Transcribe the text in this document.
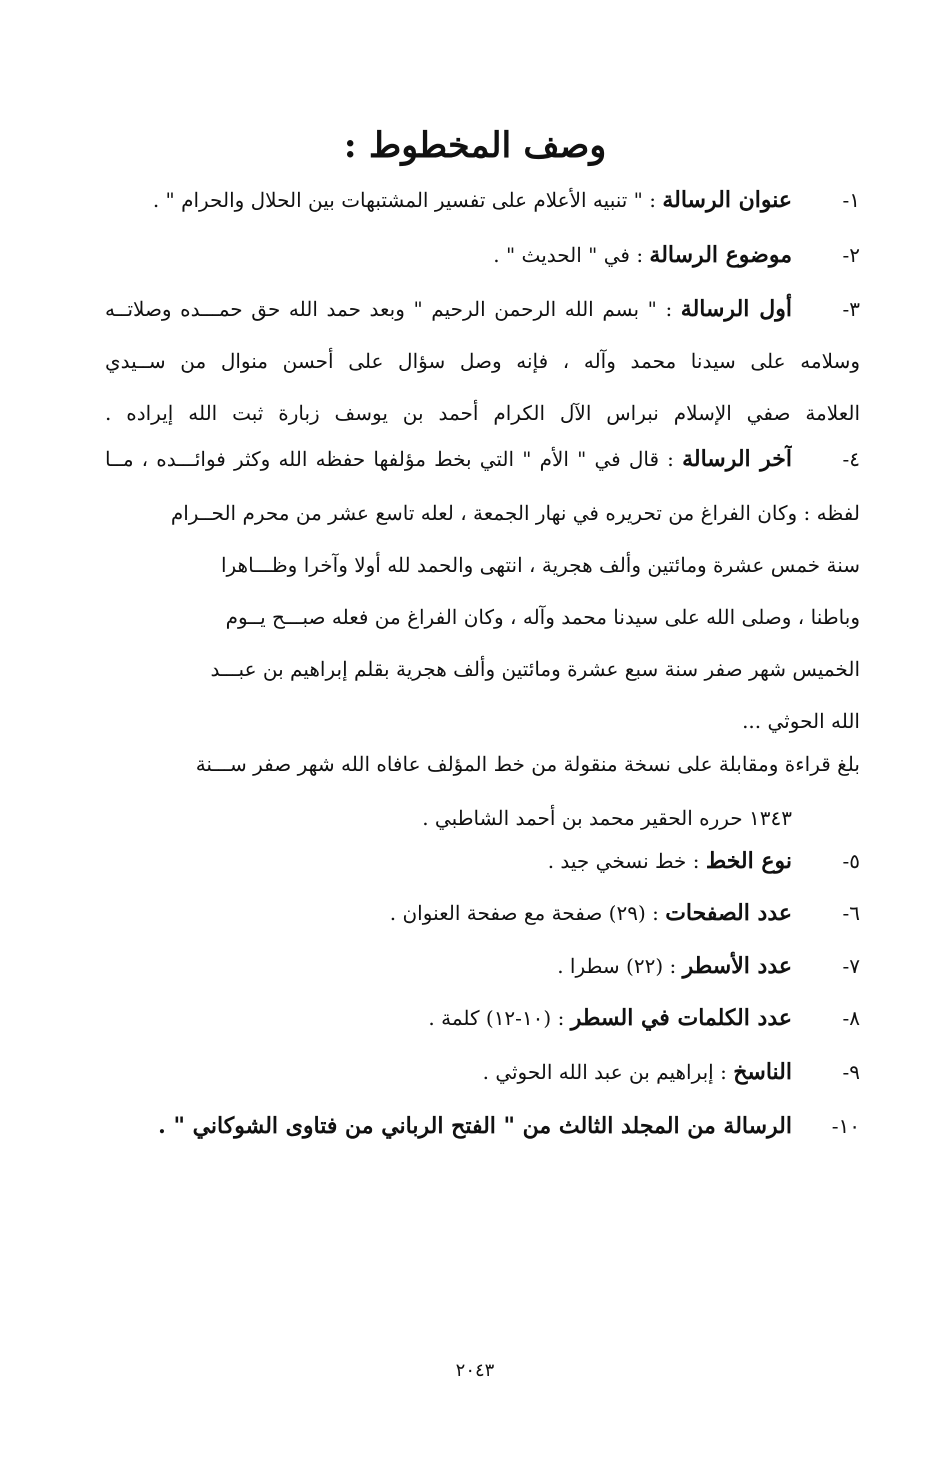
وصف المخطوط :
١-
عنوان الرسالة : " تنبيه الأعلام على تفسير المشتبهات بين الحلال والحرام " .
٢-
موضوع الرسالة : في " الحديث " .
٣-
أول الرسالة : " بسم الله الرحمن الرحيم " وبعد حمد الله حق حمـــده وصلاتــه
وسلامه على سيدنا محمد وآله ، فإنه وصل سؤال على أحسن منوال من ســيدي
العلامة صفي الإسلام نبراس الآل الكرام أحمد بن يوسف زبارة ثبت الله إيراده .
٤-
آخر الرسالة : قال في " الأم " التي بخط مؤلفها حفظه الله وكثر فوائـــده ، مــا
لفظه : وكان الفراغ من تحريره في نهار الجمعة ، لعله تاسع عشر من محرم الحــرام
سنة خمس عشرة ومائتين وألف هجرية ، انتهى والحمد لله أولا وآخرا وظـــاهرا
وباطنا ، وصلى الله على سيدنا محمد وآله ، وكان الفراغ من فعله صبـــح يــوم
الخميس شهر صفر سنة سبع عشرة ومائتين وألف هجرية بقلم إبراهيم بن عبـــد
الله الحوثي ...
بلغ قراءة ومقابلة على نسخة منقولة من خط المؤلف عافاه الله شهر صفر ســـنة
١٣٤٣ حرره الحقير محمد بن أحمد الشاطبي .
٥-
نوع الخط : خط نسخي جيد .
٦-
عدد الصفحات : (٢٩) صفحة مع صفحة العنوان .
٧-
عدد الأسطر : (٢٢) سطرا .
٨-
عدد الكلمات في السطر : (١٠-١٢) كلمة .
٩-
الناسخ : إبراهيم بن عبد الله الحوثي .
١٠-
الرسالة من المجلد الثالث من " الفتح الرباني من فتاوى الشوكاني " .
٢٠٤٣
